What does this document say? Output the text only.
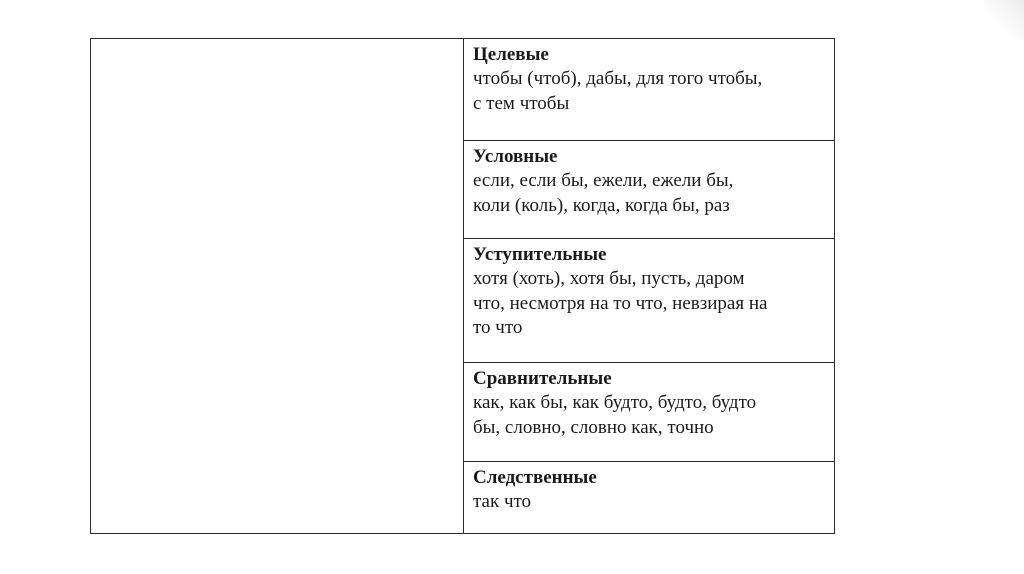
Целевые

чтобы (чтоб), дабы, для того чтобы,

с тем чтобы

Условные

если, если бы, ежели, ежели бы,

коли (коль), когда, когда бы, раз

Уступительные

хотя (хоть), хотя бы, пусть, даром

что, несмотря на то что, невзирая на

то что

Сравнительные

как, как бы, как будто, будто, будто

бы, словно, словно как, точно

Следственные

так что
